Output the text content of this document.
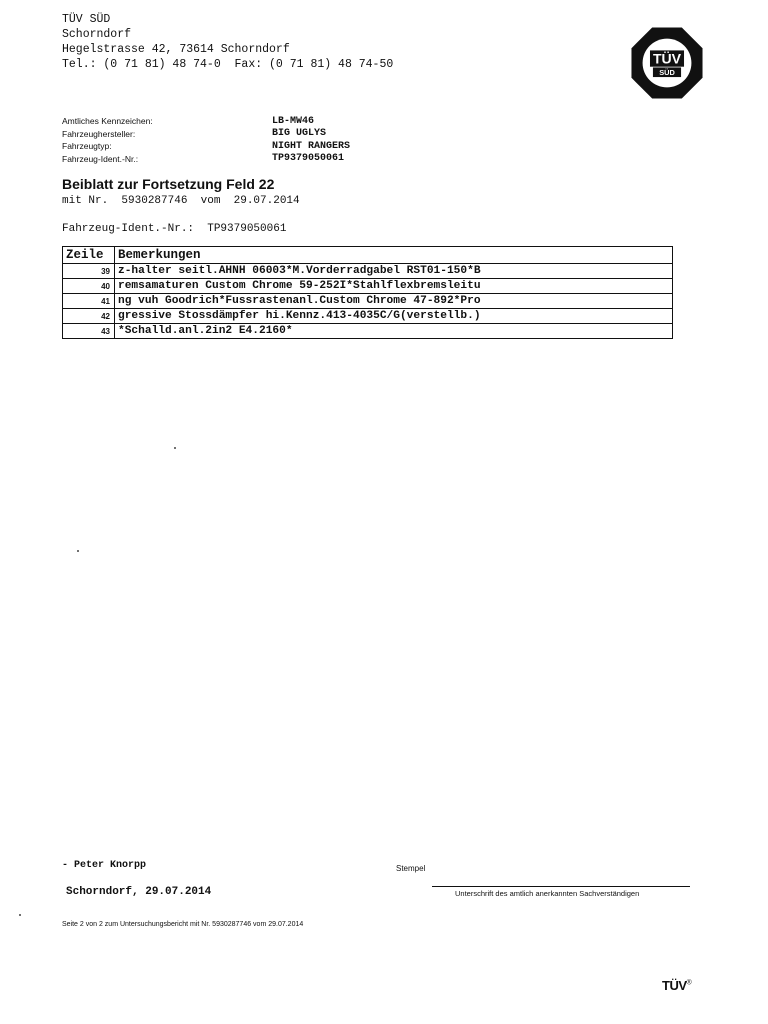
TÜV SÜD
Schorndorf
Hegelstrasse 42, 73614 Schorndorf
Tel.: (0 71 81) 48 74-0  Fax: (0 71 81) 48 74-50	TÜV
SÜD
Amtliches Kennzeichen:	LB-MW46
Fahrzeughersteller:	BIG UGLYS
Fahrzeugtyp:	NIGHT RANGERS
Fahrzeug-Ident.-Nr.:	TP9379050061
Beiblatt zur Fortsetzung Feld 22
mit Nr.  5930287746  vom  29.07.2014
Fahrzeug-Ident.-Nr.:  TP9379050061
Zeile	Bemerkungen
39	z-halter seitl.AHNH 06003*M.Vorderradgabel RST01-150*B
40	remsamaturen Custom Chrome 59-252I*Stahlflexbremsleitu
41	ng vuh Goodrich*Fussrastenanl.Custom Chrome 47-892*Pro
42	gressive Stossdämpfer hi.Kennz.413-4035C/G(verstellb.)
43	*Schalld.anl.2in2 E4.2160*
- Peter Knorpp	Stempel
Schorndorf, 29.07.2014	Unterschrift des amtlich anerkannten Sachverständigen
Seite 2 von 2 zum Untersuchungsbericht mit Nr. 5930287746 vom 29.07.2014
TÜV®
